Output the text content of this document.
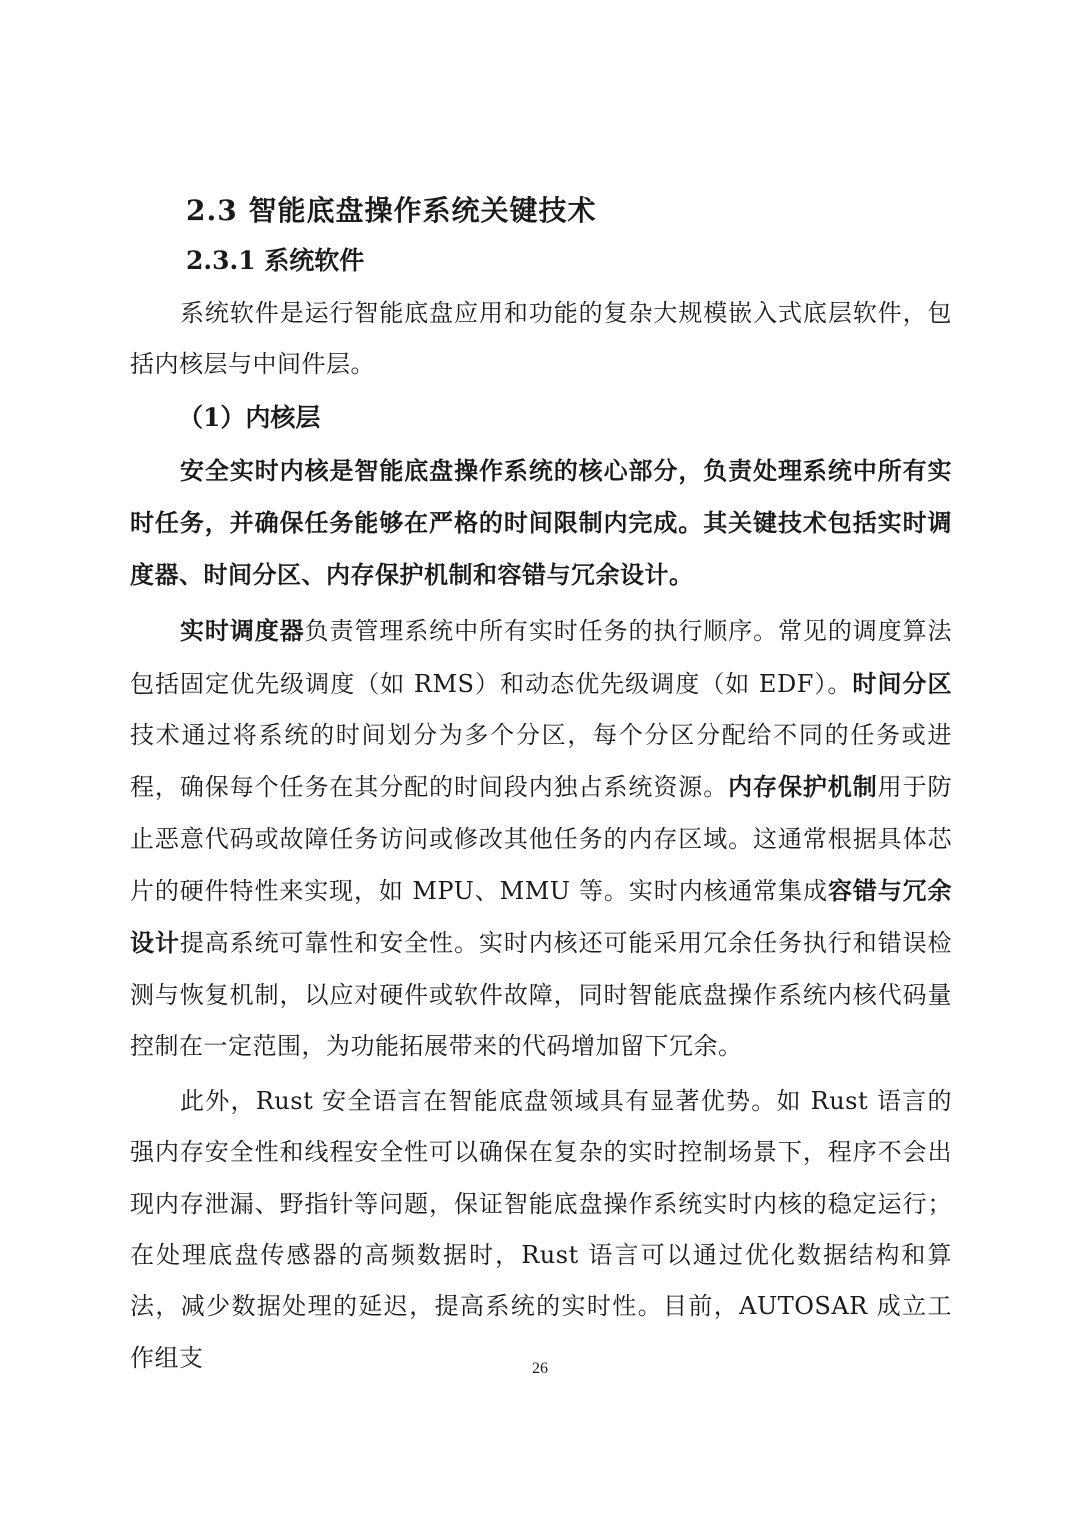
2.3 智能底盘操作系统关键技术
2.3.1 系统软件

系统软件是运行智能底盘应用和功能的复杂大规模嵌入式底层软件，包括内核层与中间件层。

（1）内核层

安全实时内核是智能底盘操作系统的核心部分，负责处理系统中所有实时任务，并确保任务能够在严格的时间限制内完成。其关键技术包括实时调度器、时间分区、内存保护机制和容错与冗余设计。

实时调度器负责管理系统中所有实时任务的执行顺序。常见的调度算法包括固定优先级调度（如 RMS）和动态优先级调度（如 EDF）。时间分区技术通过将系统的时间划分为多个分区，每个分区分配给不同的任务或进程，确保每个任务在其分配的时间段内独占系统资源。内存保护机制用于防止恶意代码或故障任务访问或修改其他任务的内存区域。这通常根据具体芯片的硬件特性来实现，如 MPU、MMU 等。实时内核通常集成容错与冗余设计提高系统可靠性和安全性。实时内核还可能采用冗余任务执行和错误检测与恢复机制，以应对硬件或软件故障，同时智能底盘操作系统内核代码量控制在一定范围，为功能拓展带来的代码增加留下冗余。

此外，Rust 安全语言在智能底盘领域具有显著优势。如 Rust 语言的强内存安全性和线程安全性可以确保在复杂的实时控制场景下，程序不会出现内存泄漏、野指针等问题，保证智能底盘操作系统实时内核的稳定运行；在处理底盘传感器的高频数据时，Rust 语言可以通过优化数据结构和算法，减少数据处理的延迟，提高系统的实时性。目前，AUTOSAR 成立工作组支	26
